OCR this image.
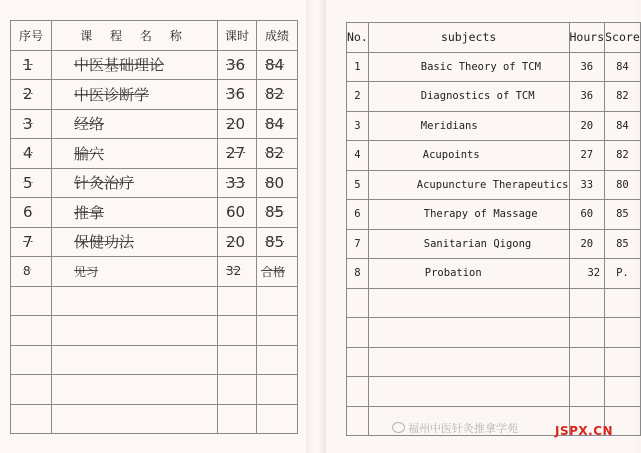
序号	课 程 名 称	课时	成绩
1	中医基础理论	36	84
2	中医诊断学	36	82
3	经络	20	84
4	腧穴	27	82
5	针灸治疗	33	80
6	推拿	60	85
7	保健功法	20	85
8	见习	32	合格

No.	subjects	Hours	Score
1	Basic Theory of TCM	36	84
2	Diagnostics of TCM	36	82
3	Meridians	20	84
4	Acupoints	27	82
5	Acupuncture Therapeutics	33	80
6	Therapy of Massage	60	85
7	Sanitarian Qigong	20	85
8	Probation	32	P.

福州中医针灸推拿学苑	JSPX.CN
